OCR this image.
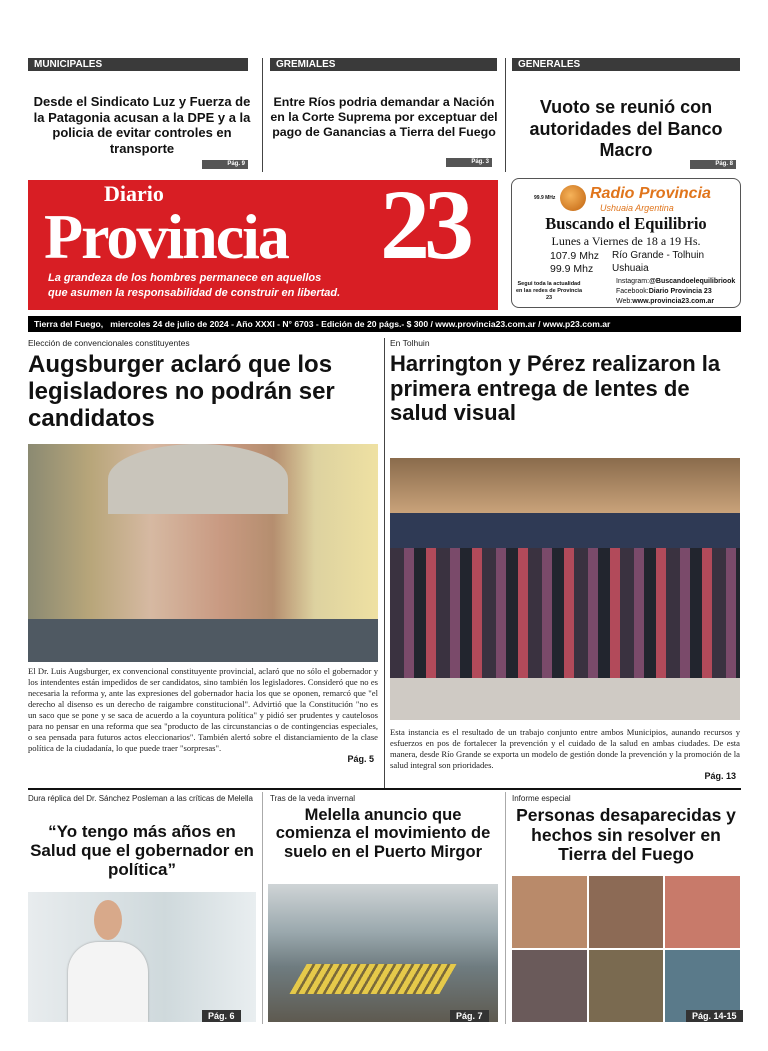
MUNICIPALES
Desde el Sindicato Luz y Fuerza de la Patagonia acusan a la DPE y a la policia de evitar controles en transporte
Pág. 9
GREMIALES
Entre Ríos podria demandar a Nación en la Corte Suprema por exceptuar del pago de Ganancias a Tierra del Fuego
Pág. 3
GENERALES
Vuoto se reunió con autoridades del Banco Macro
Pág. 8
Diario
Provincia 23
La grandeza de los hombres permanece en aquellos
que asumen la responsabilidad de construir en libertad.
99.9 MHz Radio Provincia
Ushuaia Argentina
Buscando el Equilibrio
Lunes a Viernes de 18 a 19 Hs.
107.9 Mhz Río Grande - Tolhuin
99.9 Mhz Ushuaia
Segui toda la actualidad en las redes de Provincia 23
Instagram:@Buscandoelequilibriook
Facebook:Diario Provincia 23
Web:www.provincia23.com.ar
Tierra del Fuego,   miercoles 24 de julio de 2024 - Año XXXI - N° 6703 - Edición de 20 págs.- $ 300 / www.provincia23.com.ar / www.p23.com.ar
Elección de convencionales constituyentes
Augsburger aclaró que los legisladores no podrán ser candidatos
El Dr. Luis Augsburger, ex convencional constituyente provincial, aclaró que no sólo el gobernador y los intendentes están impedidos de ser candidatos, sino también los legisladores. Consideró que no es necesaria la reforma y, ante las expresiones del gobernador hacia los que se oponen, remarcó que "el derecho al disenso es un derecho de raigambre constitucional". Advirtió que la Constitución "no es un saco que se pone y se saca de acuerdo a la coyuntura política" y pidió ser prudentes y cautelosos para no pensar en una reforma que sea "producto de las circunstancias o de contingencias especiales, o sea pensada para futuros actos eleccionarios". También alertó sobre el distanciamiento de la clase política de la ciudadanía, lo que puede traer "sorpresas".
Pág. 5
En Tolhuin
Harrington y Pérez realizaron la primera entrega de lentes de salud visual
Esta instancia es el resultado de un trabajo conjunto entre ambos Municipios, aunando recursos y esfuerzos en pos de fortalecer la prevención y el cuidado de la salud en ambas ciudades. De esta manera, desde Río Grande se exporta un modelo de gestión donde la prevención y la promoción de la salud integral son prioridades.
Pág. 13
Dura réplica del Dr. Sánchez Posleman a las críticas de Melella
“Yo tengo más años en Salud que el gobernador en política”
Pág. 6
Tras de la veda invernal
Melella anuncio que comienza el movimiento de suelo en el Puerto Mirgor
Pág. 7
Informe especial
Personas desaparecidas y hechos sin resolver en Tierra del Fuego
Pág. 14-15
